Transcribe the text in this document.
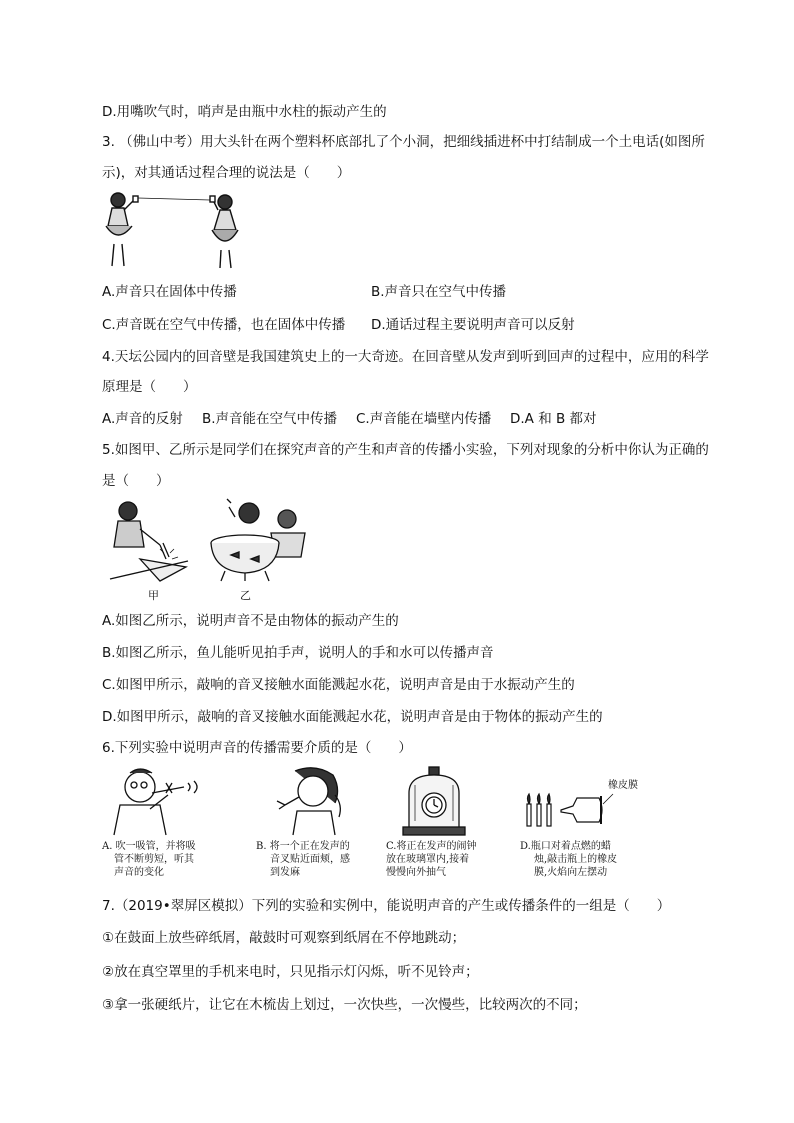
D.用嘴吹气时，哨声是由瓶中水柱的振动产生的
3. （佛山中考）用大头针在两个塑料杯底部扎了个小洞，把细线插进杯中打结制成一个土电话(如图所
示)，对其通话过程合理的说法是（　　）
A.声音只在固体中传播	B.声音只在空气中传播
C.声音既在空气中传播，也在固体中传播 D.通话过程主要说明声音可以反射
4.天坛公园内的回音壁是我国建筑史上的一大奇迹。在回音壁从发声到听到回声的过程中，应用的科学
原理是（　　）
A.声音的反射 B.声音能在空气中传播 C.声音能在墙壁内传播 D.A 和 B 都对
5.如图甲、乙所示是同学们在探究声音的产生和声音的传播小实验，下列对现象的分析中你认为正确的
是（　　）
甲	乙
A.如图乙所示，说明声音不是由物体的振动产生的
B.如图乙所示，鱼儿能听见拍手声，说明人的手和水可以传播声音
C.如图甲所示，敲响的音叉接触水面能溅起水花，说明声音是由于水振动产生的
D.如图甲所示，敲响的音叉接触水面能溅起水花，说明声音是由于物体的振动产生的
6.下列实验中说明声音的传播需要介质的是（　　）
橡皮膜
A. 吹一吸管，并将吸
管不断剪短，听其
声音的变化
B. 将一个正在发声的
音叉贴近面颊，感
到发麻
C.将正在发声的闹钟
放在玻璃罩内,接着
慢慢向外抽气
D.瓶口对着点燃的蜡
烛,敲击瓶上的橡皮
膜,火焰向左摆动
7.（2019•翠屏区模拟）下列的实验和实例中，能说明声音的产生或传播条件的一组是（　　）
①在鼓面上放些碎纸屑，敲鼓时可观察到纸屑在不停地跳动；
②放在真空罩里的手机来电时，只见指示灯闪烁，听不见铃声；
③拿一张硬纸片，让它在木梳齿上划过，一次快些，一次慢些，比较两次的不同；
